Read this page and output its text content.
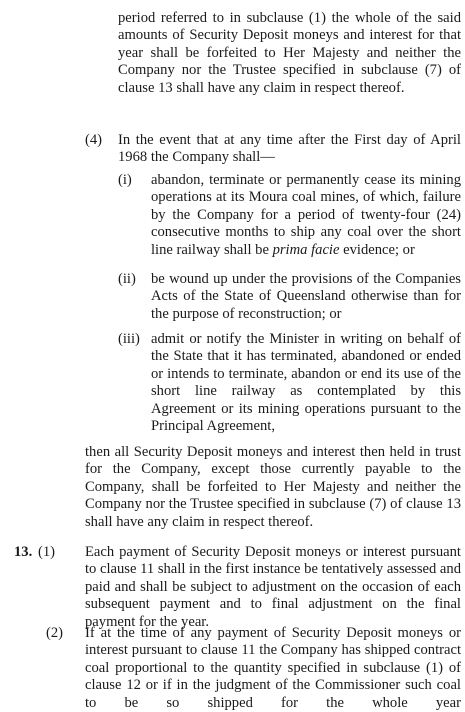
period referred to in subclause (1) the whole of the said amounts of Security Deposit moneys and interest for that year shall be forfeited to Her Majesty and neither the Company nor the Trustee specified in subclause (7) of clause 13 shall have any claim in respect thereof.
(4) In the event that at any time after the First day of April 1968 the Company shall—
(i) abandon, terminate or permanently cease its mining operations at its Moura coal mines, of which, failure by the Company for a period of twenty-four (24) consecutive months to ship any coal over the short line railway shall be prima facie evidence; or
(ii) be wound up under the provisions of the Companies Acts of the State of Queensland otherwise than for the purpose of reconstruction; or
(iii) admit or notify the Minister in writing on behalf of the State that it has terminated, abandoned or ended or intends to terminate, abandon or end its use of the short line railway as contemplated by this Agreement or its mining operations pursuant to the Principal Agreement,
then all Security Deposit moneys and interest then held in trust for the Company, except those currently payable to the Company, shall be forfeited to Her Majesty and neither the Company nor the Trustee specified in subclause (7) of clause 13 shall have any claim in respect thereof.
13. (1) Each payment of Security Deposit moneys or interest pursuant to clause 11 shall in the first instance be tentatively assessed and paid and shall be subject to adjustment on the occasion of each subsequent payment and to final adjustment on the final payment for the year.
(2) If at the time of any payment of Security Deposit moneys or interest pursuant to clause 11 the Company has shipped contract coal proportional to the quantity specified in subclause (1) of clause 12 or if in the judgment of the Commissioner such coal to be so shipped for the whole year
